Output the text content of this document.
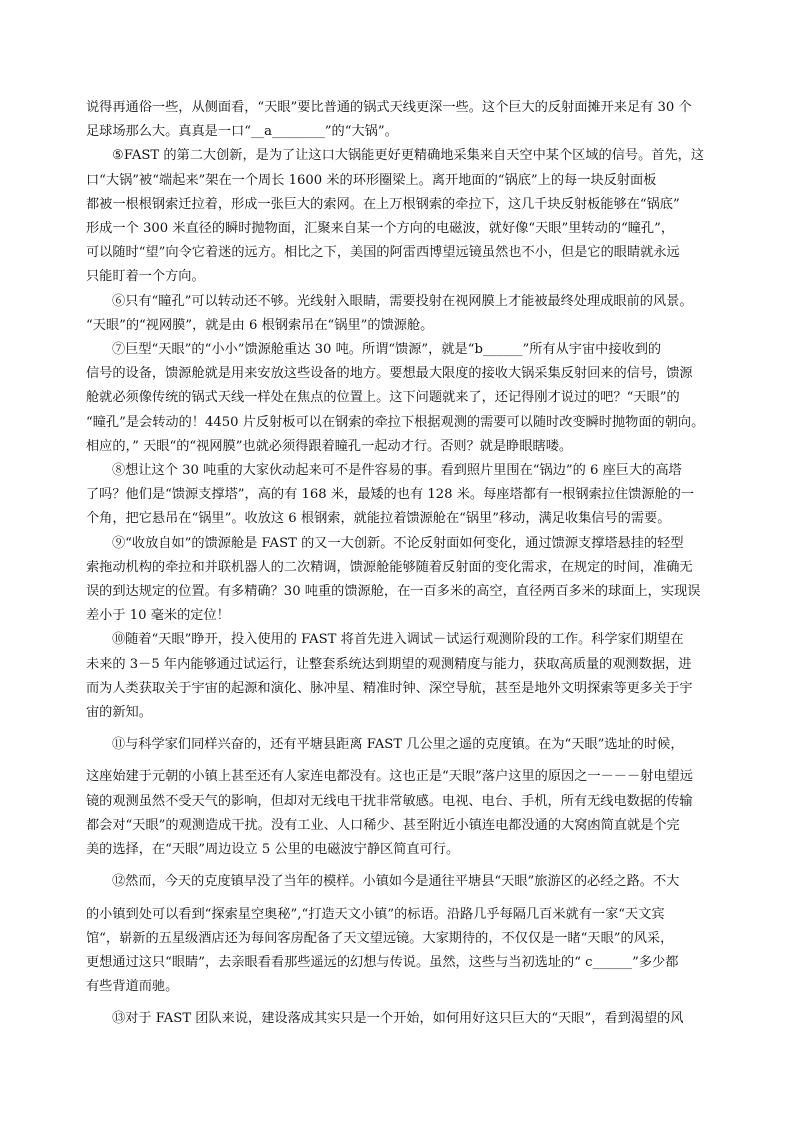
说得再通俗一些，从侧面看，“天眼”要比普通的锅式天线更深一些。这个巨大的反射面摊开来足有 30 个
足球场那么大。真真是一口“__a________”的“大锅”。
⑤FAST 的第二大创新，是为了让这口大锅能更好更精确地采集来自天空中某个区域的信号。首先，这
口“大锅”被“端起来”架在一个周长 1600 米的环形圈梁上。离开地面的“锅底”上的每一块反射面板
都被一根根钢索迁拉着，形成一张巨大的索网。在上万根钢索的牵拉下，这几千块反射板能够在“锅底”
形成一个 300 米直径的瞬时抛物面，汇聚来自某一个方向的电磁波，就好像“天眼”里转动的“瞳孔”，
可以随时“望”向令它着迷的远方。相比之下，美国的阿雷西博望远镜虽然也不小，但是它的眼睛就永远
只能盯着一个方向。
⑥只有“瞳孔”可以转动还不够。光线射入眼睛，需要投射在视网膜上才能被最终处理成眼前的风景。
“天眼”的“视网膜”，就是由 6 根钢索吊在“锅里”的馈源舱。
⑦巨型“天眼”的“小小”馈源舱重达 30 吨。所谓“馈源”，就是“b______”所有从宇宙中接收到的
信号的设备，馈源舱就是用来安放这些设备的地方。要想最大限度的接收大锅采集反射回来的信号，馈源
舱就必须像传统的锅式天线一样处在焦点的位置上。这下问题就来了，还记得刚才说过的吧？“天眼”的
“瞳孔”是会转动的！4450 片反射板可以在钢索的牵拉下根据观测的需要可以随时改变瞬时抛物面的朝向。
相应的，” 天眼“的“视网膜”也就必须得跟着瞳孔一起动才行。否则？就是睁眼瞎喽。
⑧想让这个 30 吨重的大家伙动起来可不是件容易的事。看到照片里围在“锅边”的 6 座巨大的高塔
了吗？他们是“馈源支撑塔”，高的有 168 米，最矮的也有 128 米。每座塔都有一根钢索拉住馈源舱的一
个角，把它悬吊在“锅里”。收放这 6 根钢索，就能拉着馈源舱在“锅里”移动，满足收集信号的需要。
⑨“收放自如”的馈源舱是 FAST 的又一大创新。不论反射面如何变化，通过馈源支撑塔悬挂的轻型
索拖动机构的牵拉和并联机器人的二次精调，馈源舱能够随着反射面的变化需求，在规定的时间，准确无
误的到达规定的位置。有多精确？30 吨重的馈源舱，在一百多米的高空，直径两百多米的球面上，实现误
差小于 10 毫米的定位！
⑩随着“天眼”睁开，投入使用的 FAST 将首先进入调试－试运行观测阶段的工作。科学家们期望在
未来的 3－5 年内能够通过试运行，让整套系统达到期望的观测精度与能力，获取高质量的观测数据，进
而为人类获取关于宇宙的起源和演化、脉冲星、精准时钟、深空导航，甚至是地外文明探索等更多关于宇
宙的新知。
⑪与科学家们同样兴奋的，还有平塘县距离 FAST 几公里之遥的克度镇。在为“天眼”选址的时候，
这座始建于元朝的小镇上甚至还有人家连电都没有。这也正是“天眼”落户这里的原因之一－－－射电望远
镜的观测虽然不受天气的影响，但却对无线电干扰非常敏感。电视、电台、手机，所有无线电数据的传输
都会对“天眼”的观测造成干扰。没有工业、人口稀少、甚至附近小镇连电都没通的大窝凼简直就是个完
美的选择，在“天眼”周边设立 5 公里的电磁波宁静区简直可行。
⑫然而，今天的克度镇早没了当年的模样。小镇如今是通往平塘县“天眼”旅游区的必经之路。不大
的小镇到处可以看到“探索星空奥秘”,“打造天文小镇”的标语。沿路几乎每隔几百米就有一家“天文宾
馆“，崭新的五星级酒店还为每间客房配备了天文望远镜。大家期待的，不仅仅是一睹“天眼”的风采，
更想通过这只“眼睛”，去亲眼看看那些遥远的幻想与传说。虽然，这些与当初选址的“ c______”多少都
有些背道而驰。
⑬对于 FAST 团队来说，建设落成其实只是一个开始，如何用好这只巨大的“天眼”，看到渴望的风
